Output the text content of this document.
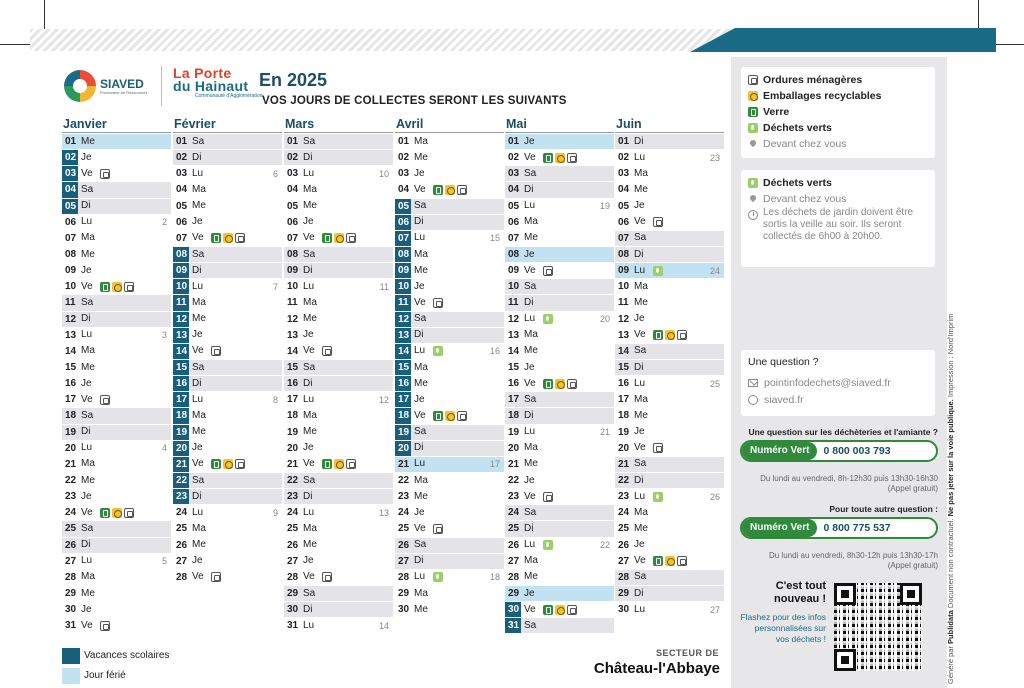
SIAVED
Producteur de Ressources
La Porte
du Hainaut
Communauté d'Agglomération
En 2025
VOS JOURS DE COLLECTES SERONT LES SUIVANTS
Janvier
01 Me
02 Je
03 Ve
04 Sa
05 Di
06 Lu	2
07 Ma
08 Me
09 Je
10 Ve
11 Sa
12 Di
13 Lu	3
14 Ma
15 Me
16 Je
17 Ve
18 Sa
19 Di
20 Lu	4
21 Ma
22 Me
23 Je
24 Ve
25 Sa
26 Di
27 Lu	5
28 Ma
29 Me
30 Je
31 Ve
Février
01 Sa
02 Di
03 Lu	6
04 Ma
05 Me
06 Je
07 Ve
08 Sa
09 Di
10 Lu	7
11 Ma
12 Me
13 Je
14 Ve
15 Sa
16 Di
17 Lu	8
18 Ma
19 Me
20 Je
21 Ve
22 Sa
23 Di
24 Lu	9
25 Ma
26 Me
27 Je
28 Ve
Mars
01 Sa
02 Di
03 Lu	10
04 Ma
05 Me
06 Je
07 Ve
08 Sa
09 Di
10 Lu	11
11 Ma
12 Me
13 Je
14 Ve
15 Sa
16 Di
17 Lu	12
18 Ma
19 Me
20 Je
21 Ve
22 Sa
23 Di
24 Lu	13
25 Ma
26 Me
27 Je
28 Ve
29 Sa
30 Di
31 Lu	14
Avril
01 Ma
02 Me
03 Je
04 Ve
05 Sa
06 Di
07 Lu	15
08 Ma
09 Me
10 Je
11 Ve
12 Sa
13 Di
14 Lu	16
15 Ma
16 Me
17 Je
18 Ve
19 Sa
20 Di
21 Lu	17
22 Ma
23 Me
24 Je
25 Ve
26 Sa
27 Di
28 Lu	18
29 Ma
30 Me
Mai
01 Je
02 Ve
03 Sa
04 Di
05 Lu	19
06 Ma
07 Me
08 Je
09 Ve
10 Sa
11 Di
12 Lu	20
13 Ma
14 Me
15 Je
16 Ve
17 Sa
18 Di
19 Lu	21
20 Ma
21 Me
22 Je
23 Ve
24 Sa
25 Di
26 Lu	22
27 Ma
28 Me
29 Je
30 Ve
31 Sa
Juin
01 Di
02 Lu	23
03 Ma
04 Me
05 Je
06 Ve
07 Sa
08 Di
09 Lu	24
10 Ma
11 Me
12 Je
13 Ve
14 Sa
15 Di
16 Lu	25
17 Ma
18 Me
19 Je
20 Ve
21 Sa
22 Di
23 Lu	26
24 Ma
25 Me
26 Je
27 Ve
28 Sa
29 Di
30 Lu	27
Vacances scolaires
Jour férié
SECTEUR DE
Château-l'Abbaye
Ordures ménagères
Emballages recyclables
Verre
Déchets verts
Devant chez vous
Déchets verts
Devant chez vous
Les déchets de jardin doivent être sortis la veille au soir. Ils seront collectés de 6h00 à 20h00.
Une question ?
pointinfodechets@siaved.fr
siaved.fr
Une question sur les déchèteries et l'amiante ?
Numéro Vert	0 800 003 793
Du lundi au vendredi, 8h-12h30 puis 13h30-16h30
(Appel gratuit)
Pour toute autre question :
Numéro Vert	0 800 775 537
Du lundi au vendredi, 8h30-12h puis 13h30-17h
(Appel gratuit)
C'est tout nouveau !
Flashez pour des infos personnalisées sur vos déchets !
Généré par Publidata Document non contractuel. Ne pas jeter sur la voie publique. Impression : Nord'Imprim
